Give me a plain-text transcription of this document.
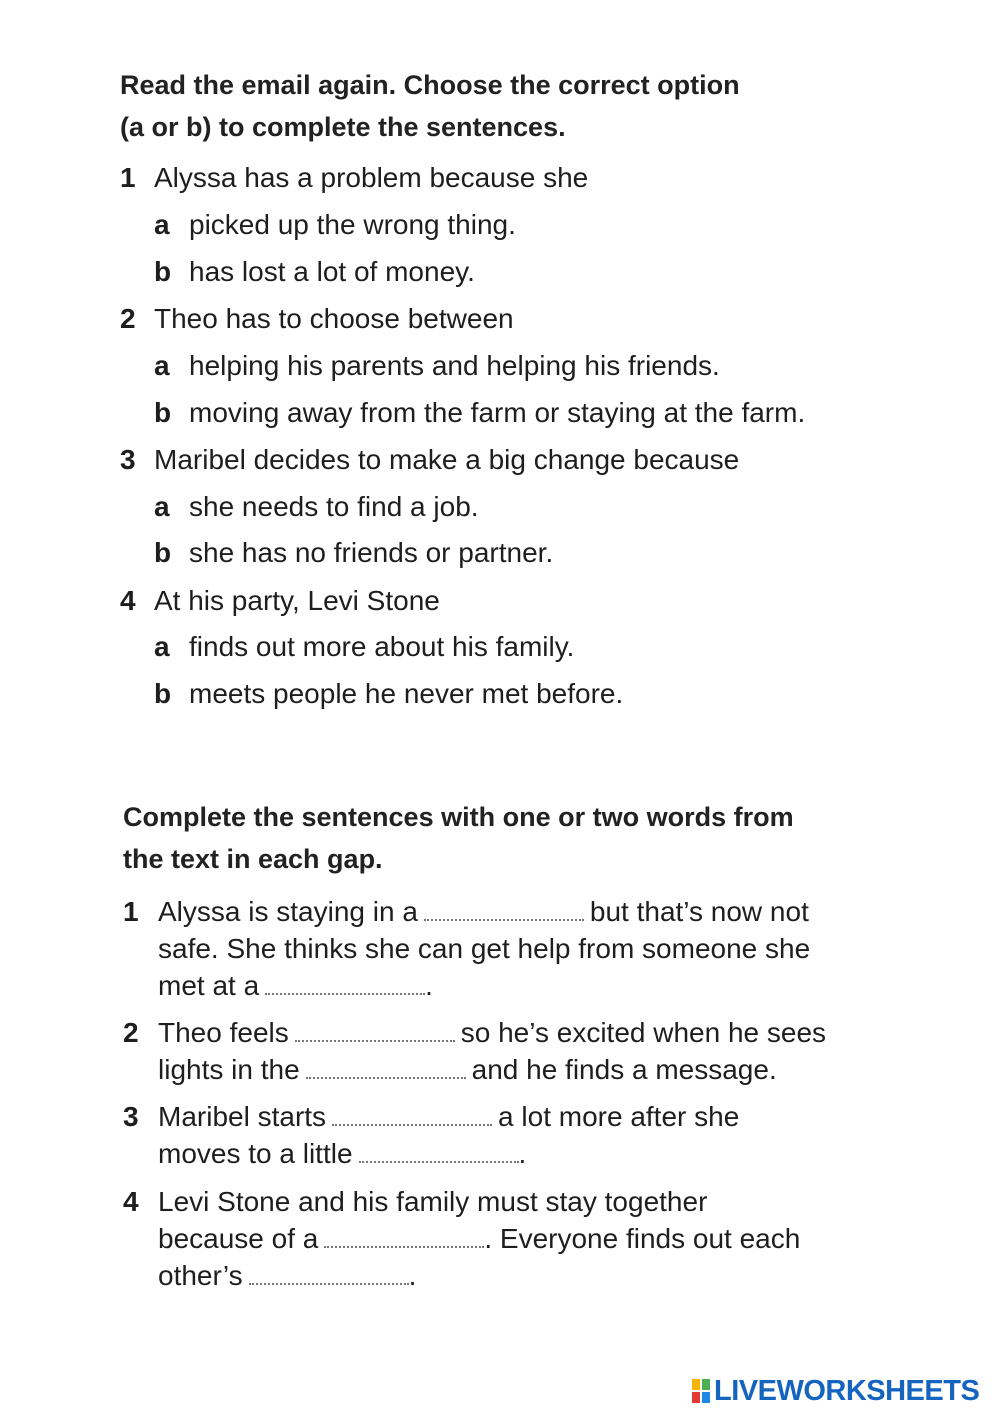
Read the email again. Choose the correct option
(a or b) to complete the sentences.
1 Alyssa has a problem because she
a picked up the wrong thing.
b has lost a lot of money.
2 Theo has to choose between
a helping his parents and helping his friends.
b moving away from the farm or staying at the farm.
3 Maribel decides to make a big change because
a she needs to find a job.
b she has no friends or partner.
4 At his party, Levi Stone
a finds out more about his family.
b meets people he never met before.
Complete the sentences with one or two words from
the text in each gap.
1 Alyssa is staying in a	but that’s now not
safe. She thinks she can get help from someone she
met at a	.
2 Theo feels	so he’s excited when he sees
lights in the	and he finds a message.
3 Maribel starts	a lot more after she
moves to a little	.
4 Levi Stone and his family must stay together
because of a	. Everyone finds out each
other’s	.
LIVEWORKSHEETS
